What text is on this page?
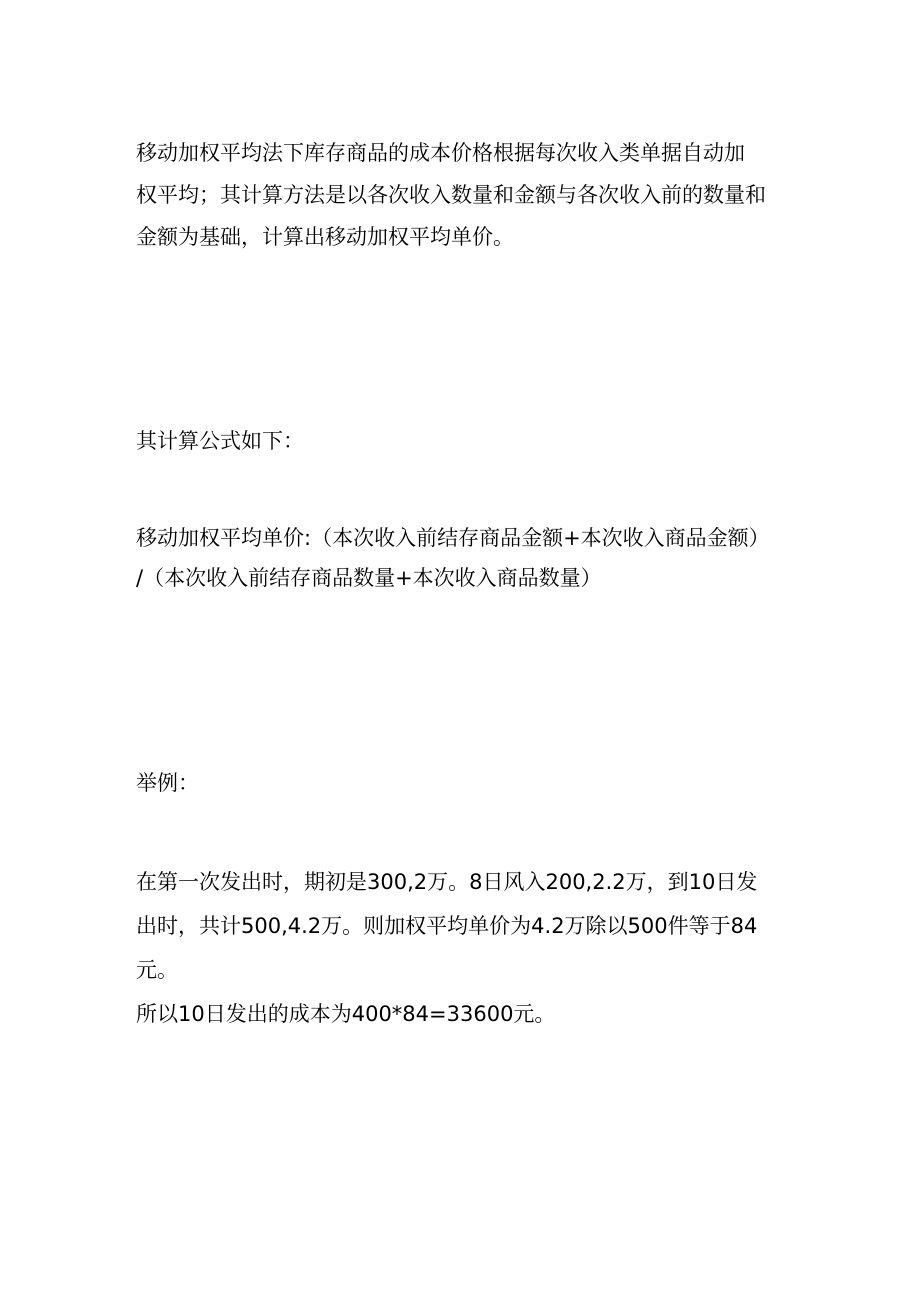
移动加权平均法下库存商品的成本价格根据每次收入类单据自动加
权平均；其计算方法是以各次收入数量和金额与各次收入前的数量和
金额为基础，计算出移动加权平均单价。

其计算公式如下：

移动加权平均单价:（本次收入前结存商品金额+本次收入商品金额）
/（本次收入前结存商品数量+本次收入商品数量）

举例：

在第一次发出时，期初是300,2万。8日风入200,2.2万，到10日发
出时，共计500,4.2万。则加权平均单价为4.2万除以500件等于84
元。

所以10日发出的成本为400*84=33600元。
